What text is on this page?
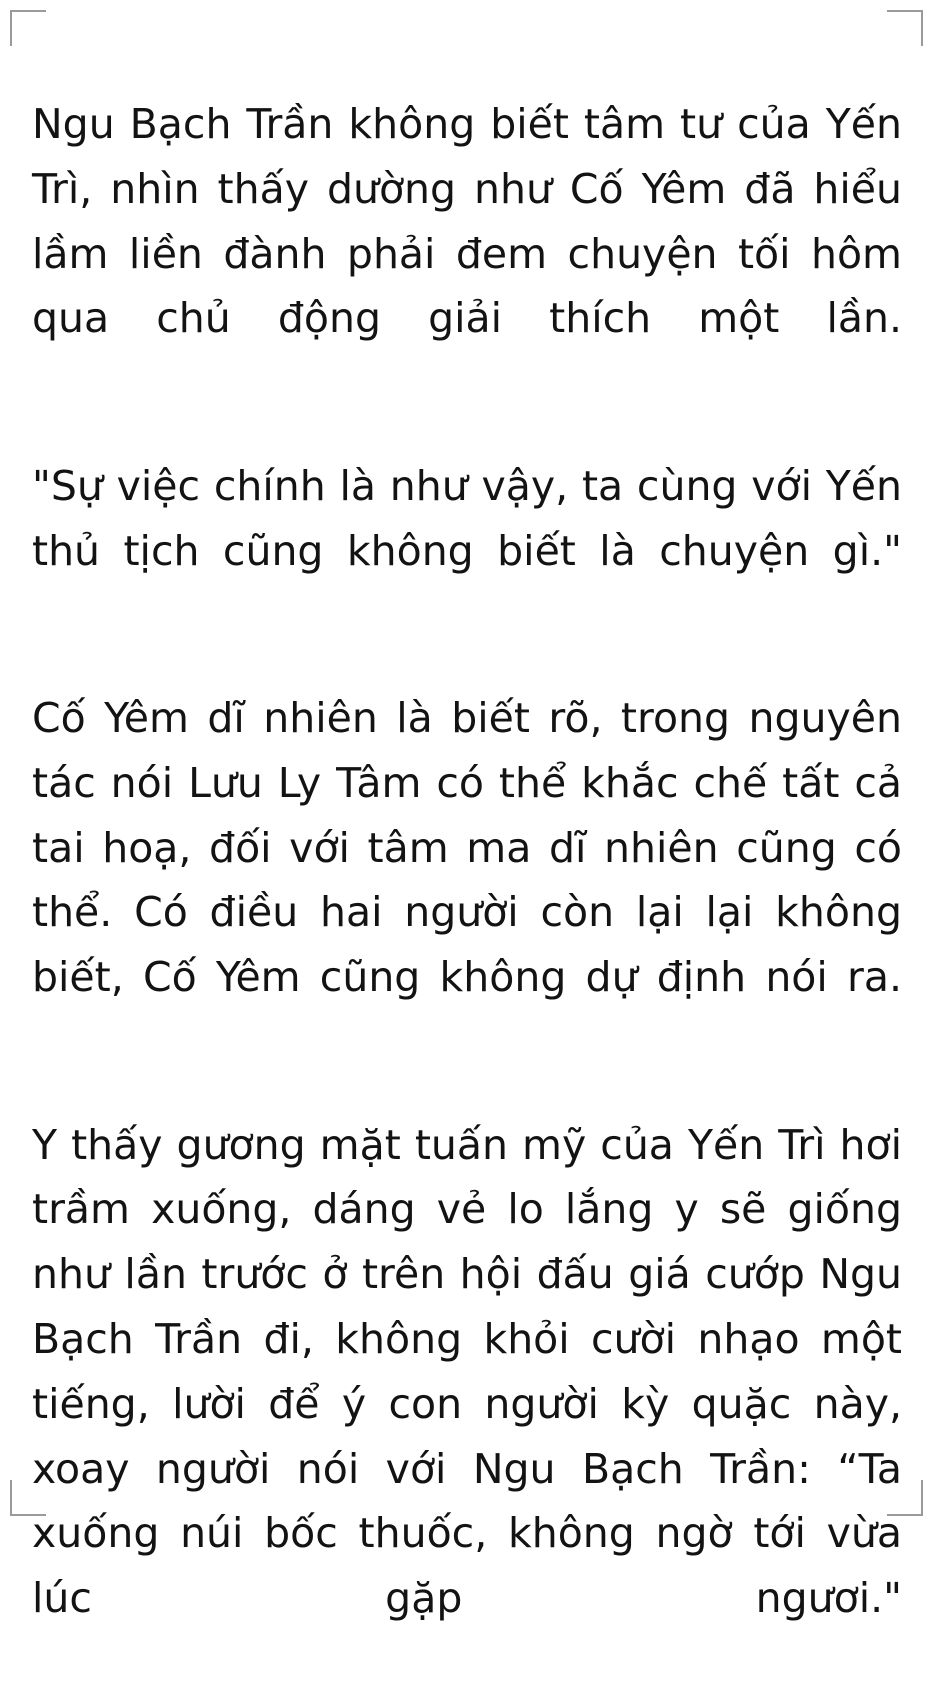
Ngu Bạch Trần không biết tâm tư của Yến Trì, nhìn thấy dường như Cố Yêm đã hiểu lầm liền đành phải đem chuyện tối hôm qua chủ động giải thích một lần.

"Sự việc chính là như vậy, ta cùng với Yến thủ tịch cũng không biết là chuyện gì."

Cố Yêm dĩ nhiên là biết rõ, trong nguyên tác nói Lưu Ly Tâm có thể khắc chế tất cả tai hoạ, đối với tâm ma dĩ nhiên cũng có thể. Có điều hai người còn lại lại không biết, Cố Yêm cũng không dự định nói ra.

Y thấy gương mặt tuấn mỹ của Yến Trì hơi trầm xuống, dáng vẻ lo lắng y sẽ giống như lần trước ở trên hội đấu giá cướp Ngu Bạch Trần đi, không khỏi cười nhạo một tiếng, lười để ý con người kỳ quặc này, xoay người nói với Ngu Bạch Trần: “Ta xuống núi bốc thuốc, không ngờ tới vừa lúc gặp ngươi."
